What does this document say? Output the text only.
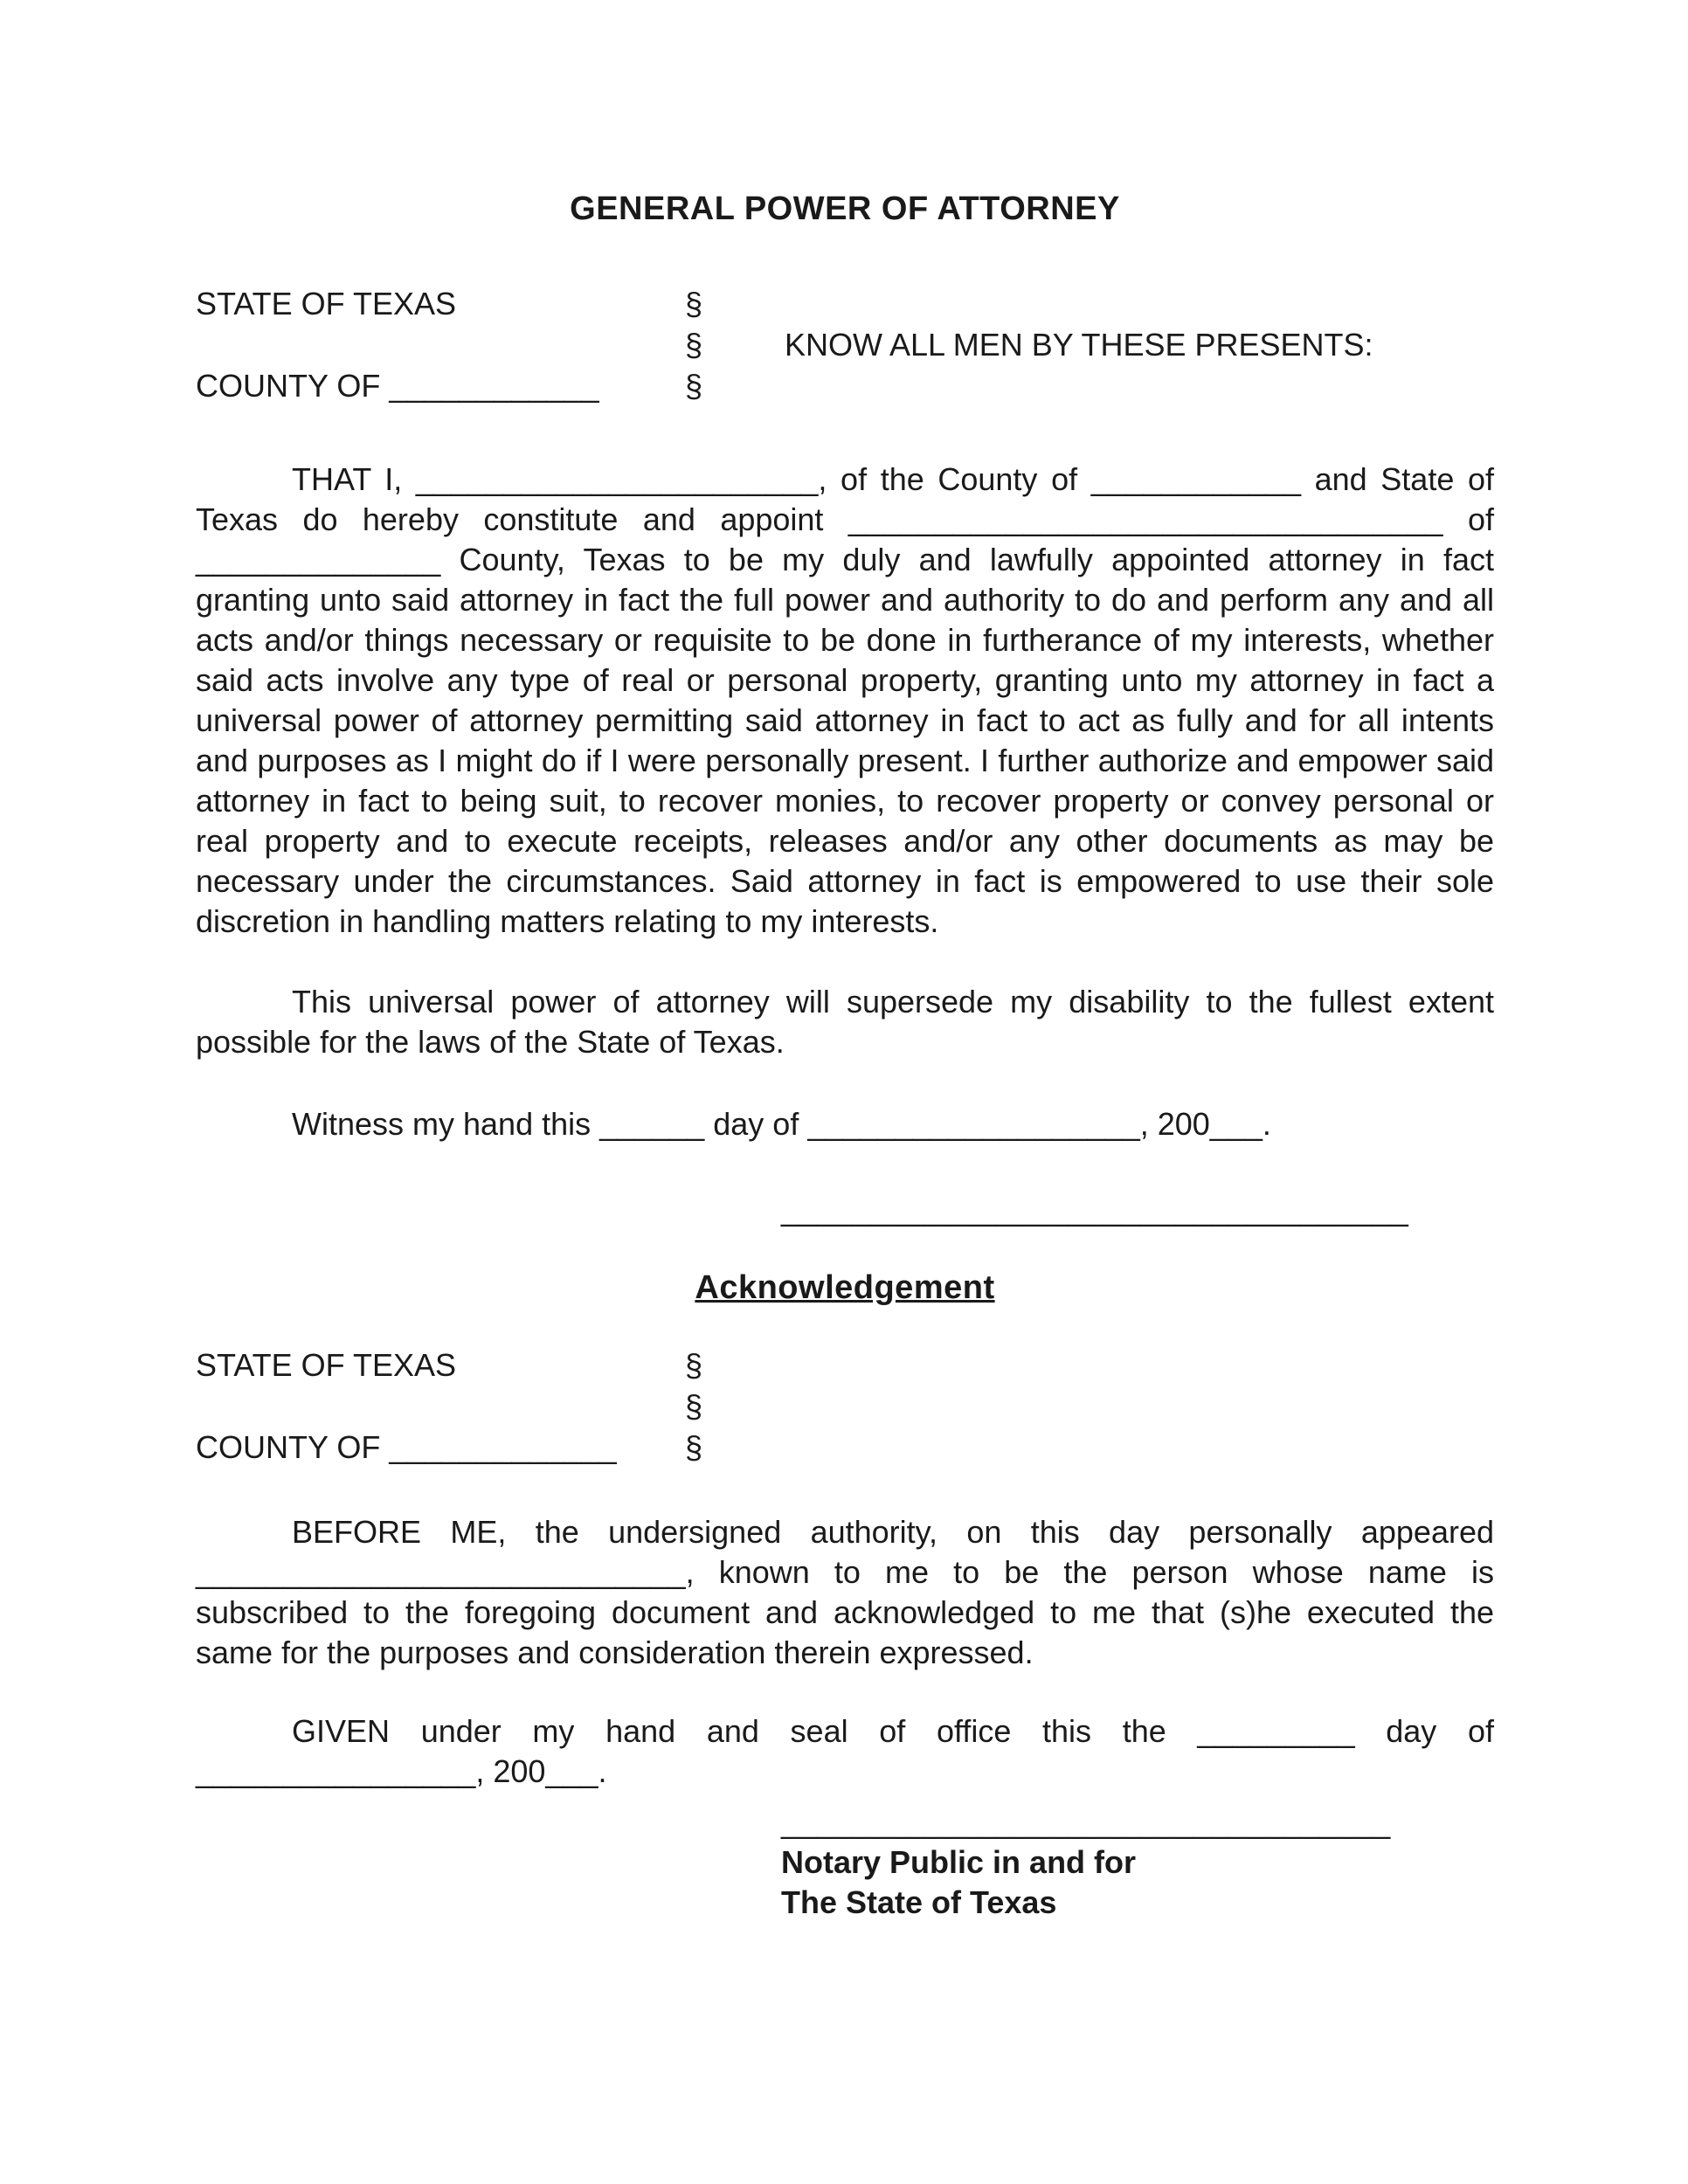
GENERAL POWER OF ATTORNEY
STATE OF TEXAS
COUNTY OF ____________
§
§
§
KNOW ALL MEN BY THESE PRESENTS:

THAT I, _______________________, of the County of ____________ and State of Texas do hereby constitute and appoint __________________________________ of ______________ County, Texas to be my duly and lawfully appointed attorney in fact granting unto said attorney in fact the full power and authority to do and perform any and all acts and/or things necessary or requisite to be done in furtherance of my interests, whether said acts involve any type of real or personal property, granting unto my attorney in fact a universal power of attorney permitting said attorney in fact to act as fully and for all intents and purposes as I might do if I were personally present. I further authorize and empower said attorney in fact to being suit, to recover monies, to recover property or convey personal or real property and to execute receipts, releases and/or any other documents as may be necessary under the circumstances. Said attorney in fact is empowered to use their sole discretion in handling matters relating to my interests.

This universal power of attorney will supersede my disability to the fullest extent possible for the laws of the State of Texas.

Witness my hand this ______ day of ___________________, 200___.

___________________________________
Acknowledgement
STATE OF TEXAS
COUNTY OF _____________
§
§
§

BEFORE ME, the undersigned authority, on this day personally appeared ____________________________, known to me to be the person whose name is subscribed to the foregoing document and acknowledged to me that (s)he executed the same for the purposes and consideration therein expressed.

GIVEN under my hand and seal of office this the _________ day of ________________, 200___.

__________________________________
Notary Public in and for
The State of Texas
